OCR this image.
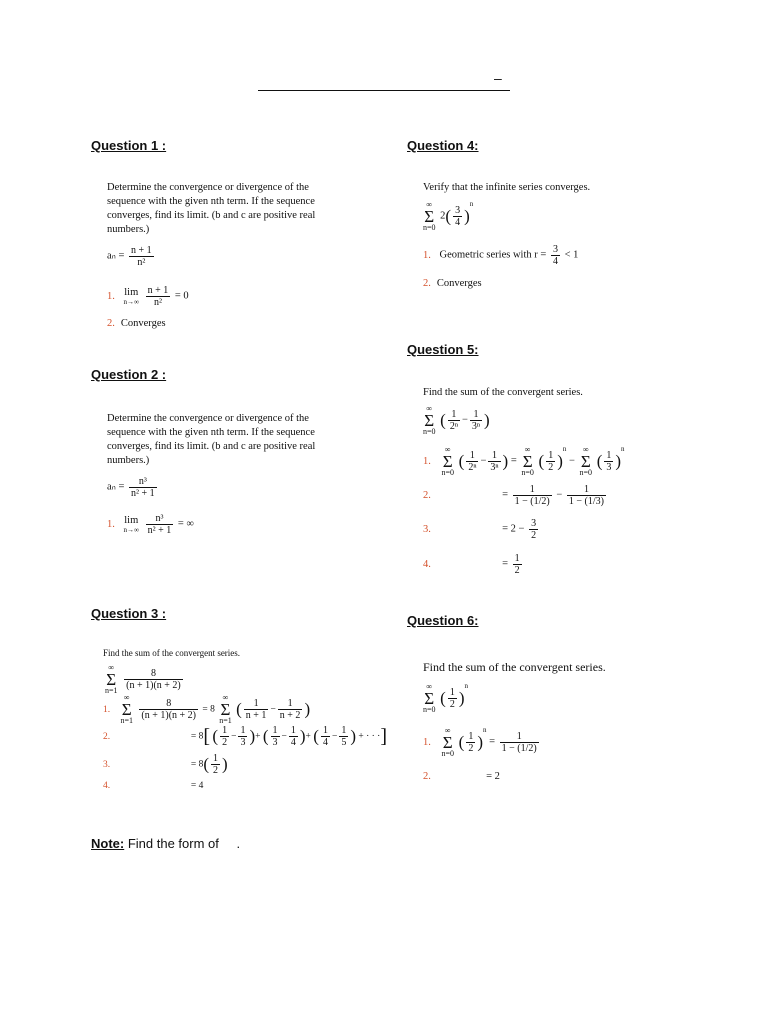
–
Question 1 :
Determine the convergence or divergence of the sequence with the given nth term. If the sequence converges, find its limit. (b and c are positive real numbers.)
$a_n = \frac{n + 1}{\text{n²}}$
1. lim
n→∞
$\frac{n + 1}{\text{n²}} = 0$
2. Converges
Question 2 :
Determine the convergence or divergence of the sequence with the given nth term. If the sequence converges, find its limit. (b and c are positive real numbers.)
$a_n = \frac{\text{n³}}{\text{n² + 1}}$
1. lim
n→∞
$\frac{\text{n³}}{\text{n² + 1}}$ = ∞
Question 3 :
Find the sum of the convergent series.
∞
Σ
$n=1 \frac{8}{(n + 1)(n + 2)}$
1. ∞
Σ
$n=1 \frac{8}{(n + 1)(n + 2)} = 8$ ∞
Σ
n=1 ( $\frac{1}{n + 1} - \frac{1}{n + 2}$ )
2.	= 8[ ( $\frac{1}{2} - \frac{1}{3}$ )+ ( $\frac{1}{3} - \frac{1}{4}$ )+ ( $\frac{1}{4} - \frac{1}{5}$ ) + · · ·]
3.	= $8( \frac{1}{2}$ )
4.	= 4
Question 4:
Verify that the infinite series converges.
∞
Σ
n=0 $2( \frac{3}{4} )^n$
1. Geometric series with $r = \frac{3}{4} < 1$
2. Converges
Question 5:
Find the sum of the convergent series.
∞
Σ
n=0 ( $\frac{1}{\text{2ⁿ}} - \frac{1}{\text{3ⁿ}}$ )
1. ∞
Σ
n=0 ( $\frac{1}{\text{2ⁿ}} - \frac{1}{\text{3ⁿ}}$ ) = ∞
Σ
n=0 ( $\frac{1}{2} )^n$ − ∞
Σ
n=0 ( $\frac{1}{3} )^n$
2.	= $\frac{1}{1 - (1/2)} - \frac{1}{1 - (1/3)}$
3.	= $2 - \frac{3}{2}$
4.	= $\frac{1}{2}$
Question 6:
Find the sum of the convergent series.
∞
Σ
n=0 ( $\frac{1}{2} )^n$
1. ∞
Σ
n=0 ( $\frac{1}{2} )^n = \frac{1}{1 - (1/2)}$
2.	= 2
Note: Find the form of .
